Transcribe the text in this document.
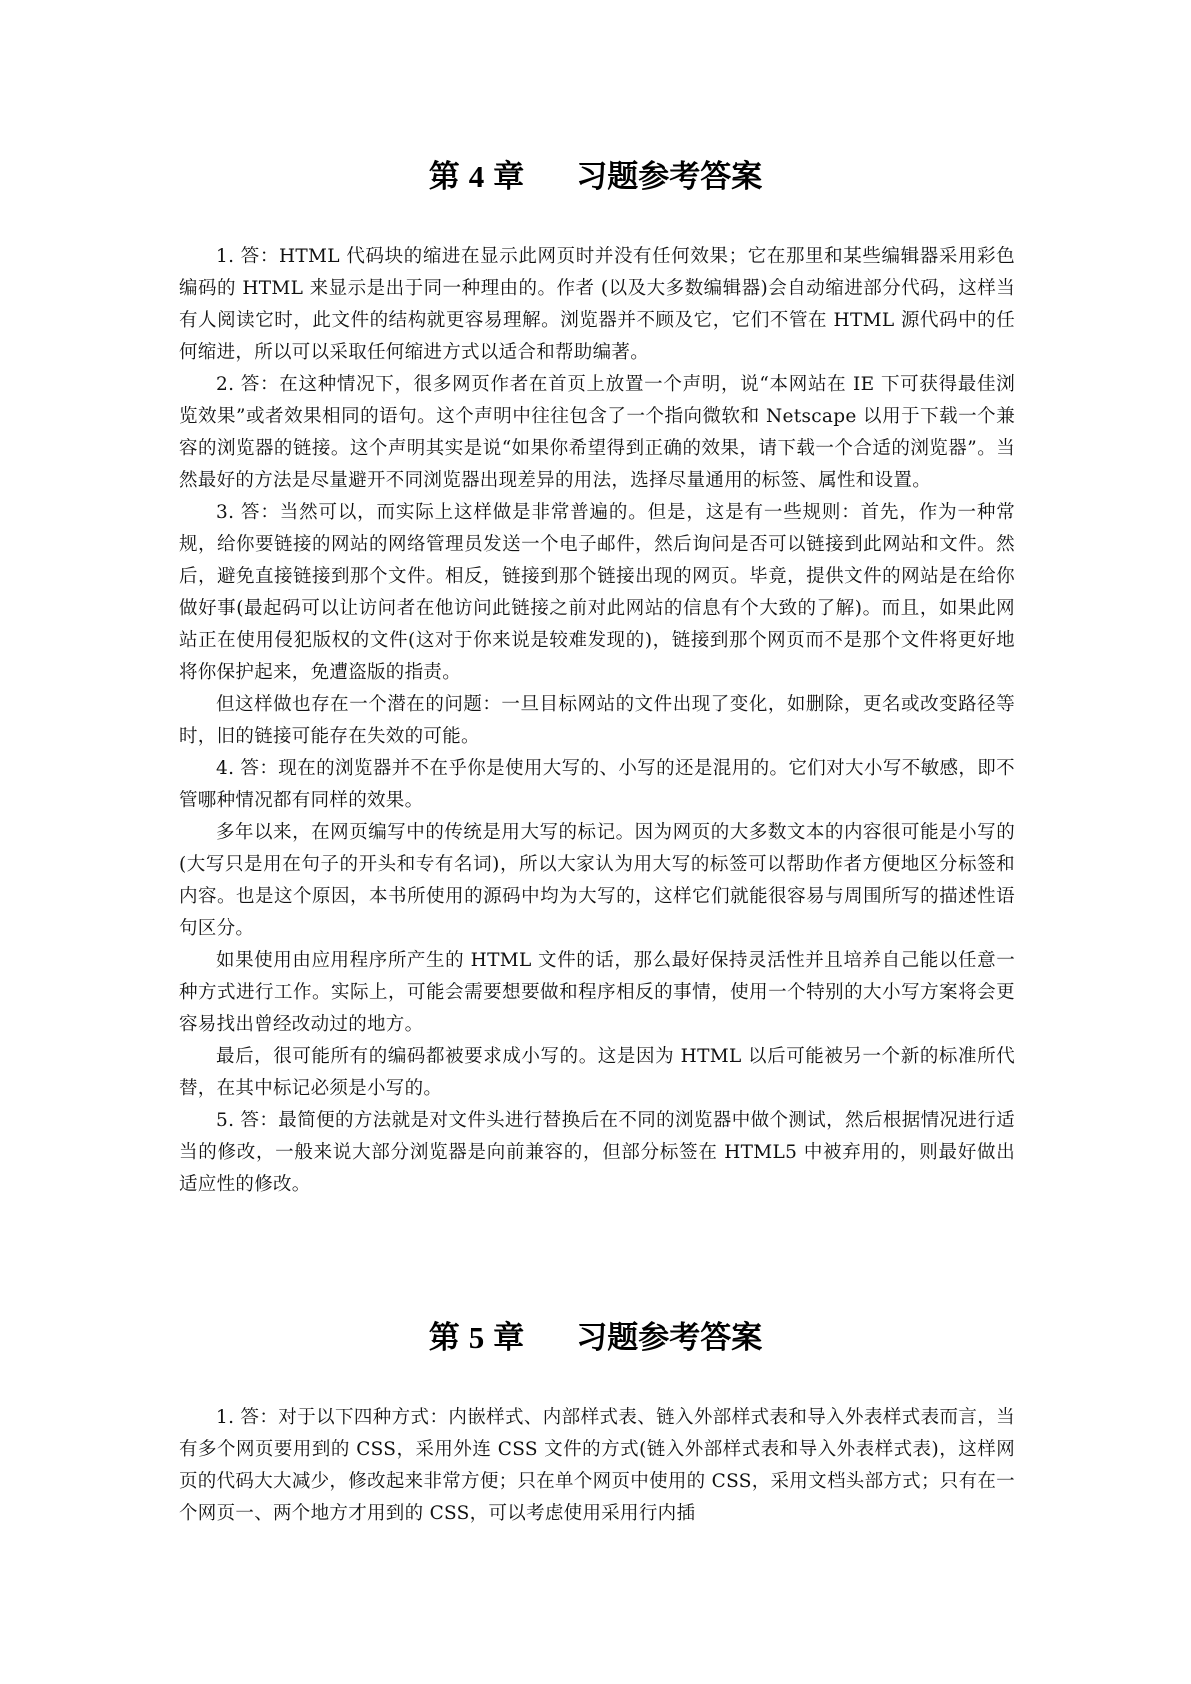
第 4 章 习题参考答案

1. 答：HTML 代码块的缩进在显示此网页时并没有任何效果；它在那里和某些编辑器采用彩色编码的 HTML 来显示是出于同一种理由的。作者 (以及大多数编辑器)会自动缩进部分代码，这样当有人阅读它时，此文件的结构就更容易理解。浏览器并不顾及它，它们不管在 HTML 源代码中的任何缩进，所以可以采取任何缩进方式以适合和帮助编著。

2. 答：在这种情况下，很多网页作者在首页上放置一个声明，说“本网站在 IE 下可获得最佳浏览效果”或者效果相同的语句。这个声明中往往包含了一个指向微软和 Netscape 以用于下载一个兼容的浏览器的链接。这个声明其实是说“如果你希望得到正确的效果，请下载一个合适的浏览器”。当然最好的方法是尽量避开不同浏览器出现差异的用法，选择尽量通用的标签、属性和设置。

3. 答：当然可以，而实际上这样做是非常普遍的。但是，这是有一些规则：首先，作为一种常规，给你要链接的网站的网络管理员发送一个电子邮件，然后询问是否可以链接到此网站和文件。然后，避免直接链接到那个文件。相反，链接到那个链接出现的网页。毕竟，提供文件的网站是在给你做好事(最起码可以让访问者在他访问此链接之前对此网站的信息有个大致的了解)。而且，如果此网站正在使用侵犯版权的文件(这对于你来说是较难发现的)，链接到那个网页而不是那个文件将更好地将你保护起来，免遭盗版的指责。

但这样做也存在一个潜在的问题：一旦目标网站的文件出现了变化，如删除，更名或改变路径等时，旧的链接可能存在失效的可能。

4. 答：现在的浏览器并不在乎你是使用大写的、小写的还是混用的。它们对大小写不敏感，即不管哪种情况都有同样的效果。

多年以来，在网页编写中的传统是用大写的标记。因为网页的大多数文本的内容很可能是小写的(大写只是用在句子的开头和专有名词)，所以大家认为用大写的标签可以帮助作者方便地区分标签和内容。也是这个原因，本书所使用的源码中均为大写的，这样它们就能很容易与周围所写的描述性语句区分。

如果使用由应用程序所产生的 HTML 文件的话，那么最好保持灵活性并且培养自己能以任意一种方式进行工作。实际上，可能会需要想要做和程序相反的事情，使用一个特别的大小写方案将会更容易找出曾经改动过的地方。

最后，很可能所有的编码都被要求成小写的。这是因为 HTML 以后可能被另一个新的标准所代替，在其中标记必须是小写的。

5. 答：最简便的方法就是对文件头进行替换后在不同的浏览器中做个测试，然后根据情况进行适当的修改，一般来说大部分浏览器是向前兼容的，但部分标签在 HTML5 中被弃用的，则最好做出适应性的修改。

第 5 章 习题参考答案

1. 答：对于以下四种方式：内嵌样式、内部样式表、链入外部样式表和导入外表样式表而言，当有多个网页要用到的 CSS，采用外连 CSS 文件的方式(链入外部样式表和导入外表样式表)，这样网页的代码大大减少，修改起来非常方便；只在单个网页中使用的 CSS，采用文档头部方式；只有在一个网页一、两个地方才用到的 CSS，可以考虑使用采用行内插
